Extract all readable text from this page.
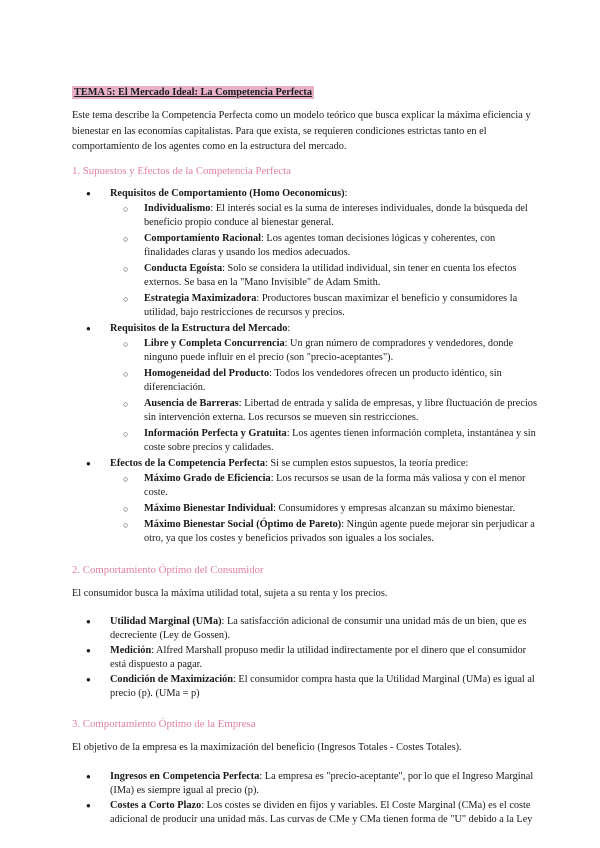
TEMA 5: El Mercado Ideal: La Competencia Perfecta

Este tema describe la Competencia Perfecta como un modelo teórico que busca explicar la máxima eficiencia y bienestar en las economías capitalistas. Para que exista, se requieren condiciones estrictas tanto en el comportamiento de los agentes como en la estructura del mercado.

1. Supuestos y Efectos de la Competencia Perfecta
● Requisitos de Comportamiento (Homo Oeconomicus):
○ Individualismo: El interés social es la suma de intereses individuales, donde la búsqueda del beneficio propio conduce al bienestar general.
○ Comportamiento Racional: Los agentes toman decisiones lógicas y coherentes, con finalidades claras y usando los medios adecuados.
○ Conducta Egoísta: Solo se considera la utilidad individual, sin tener en cuenta los efectos externos. Se basa en la "Mano Invisible" de Adam Smith.
○ Estrategia Maximizadora: Productores buscan maximizar el beneficio y consumidores la utilidad, bajo restricciones de recursos y precios.
● Requisitos de la Estructura del Mercado:
○ Libre y Completa Concurrencia: Un gran número de compradores y vendedores, donde ninguno puede influir en el precio (son "precio-aceptantes").
○ Homogeneidad del Producto: Todos los vendedores ofrecen un producto idéntico, sin diferenciación.
○ Ausencia de Barreras: Libertad de entrada y salida de empresas, y libre fluctuación de precios sin intervención externa. Los recursos se mueven sin restricciones.
○ Información Perfecta y Gratuita: Los agentes tienen información completa, instantánea y sin coste sobre precios y calidades.
● Efectos de la Competencia Perfecta: Si se cumplen estos supuestos, la teoría predice:
○ Máximo Grado de Eficiencia: Los recursos se usan de la forma más valiosa y con el menor coste.
○ Máximo Bienestar Individual: Consumidores y empresas alcanzan su máximo bienestar.
○ Máximo Bienestar Social (Óptimo de Pareto): Ningún agente puede mejorar sin perjudicar a otro, ya que los costes y beneficios privados son iguales a los sociales.
2. Comportamiento Óptimo del Consumidor

El consumidor busca la máxima utilidad total, sujeta a su renta y los precios.

● Utilidad Marginal (UMa): La satisfacción adicional de consumir una unidad más de un bien, que es decreciente (Ley de Gossen).
● Medición: Alfred Marshall propuso medir la utilidad indirectamente por el dinero que el consumidor está dispuesto a pagar.
● Condición de Maximización: El consumidor compra hasta que la Utilidad Marginal (UMa) es igual al precio (p). (UMa = p)
3. Comportamiento Óptimo de la Empresa

El objetivo de la empresa es la maximización del beneficio (Ingresos Totales - Costes Totales).

● Ingresos en Competencia Perfecta: La empresa es "precio-aceptante", por lo que el Ingreso Marginal (IMa) es siempre igual al precio (p).
● Costes a Corto Plazo: Los costes se dividen en fijos y variables. El Coste Marginal (CMa) es el coste adicional de producir una unidad más. Las curvas de CMe y CMa tienen forma de "U" debido a la Ley
